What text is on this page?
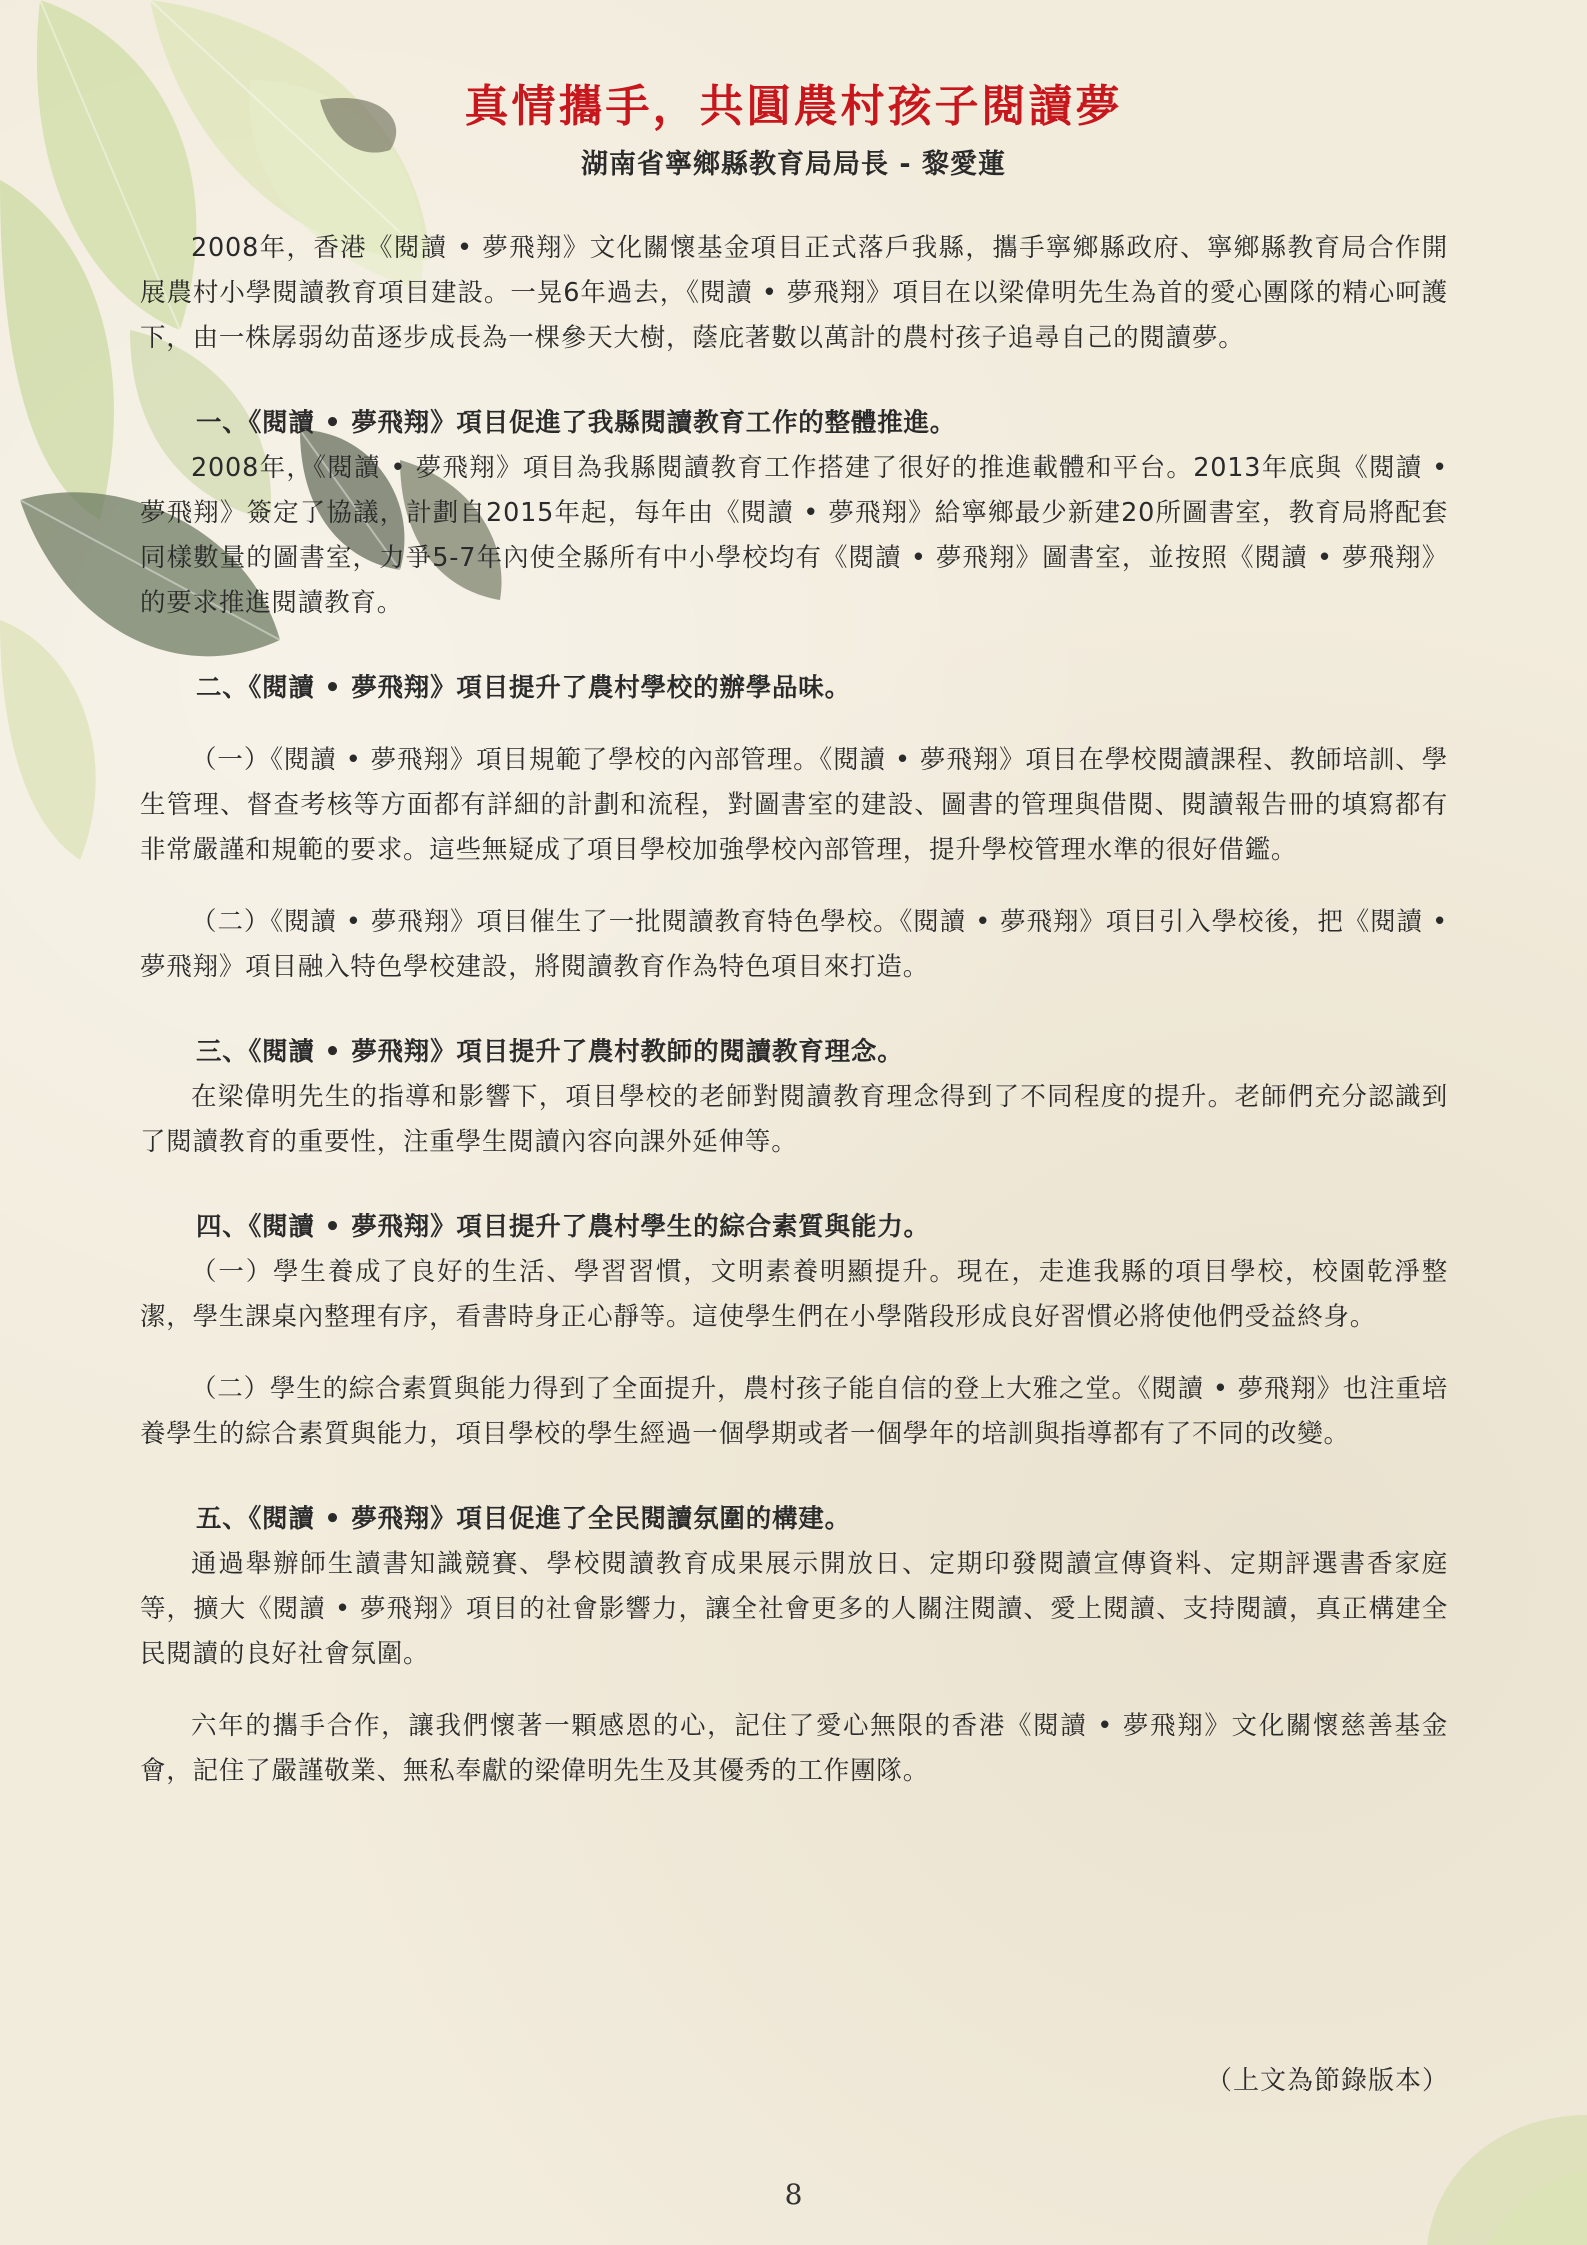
真情攜手，共圓農村孩子閱讀夢
湖南省寧鄉縣教育局局長 - 黎愛蓮

2008年，香港《閱讀 • 夢飛翔》文化關懷基金項目正式落戶我縣，攜手寧鄉縣政府、寧鄉縣教育局合作開展農村小學閱讀教育項目建設。一晃6年過去，《閱讀 • 夢飛翔》項目在以梁偉明先生為首的愛心團隊的精心呵護下，由一株孱弱幼苗逐步成長為一棵參天大樹，蔭庇著數以萬計的農村孩子追尋自己的閱讀夢。

一、《閱讀 • 夢飛翔》項目促進了我縣閱讀教育工作的整體推進。

2008年，《閱讀 • 夢飛翔》項目為我縣閱讀教育工作搭建了很好的推進載體和平台。2013年底與《閱讀 • 夢飛翔》簽定了協議，計劃自2015年起，每年由《閱讀 • 夢飛翔》給寧鄉最少新建20所圖書室，教育局將配套同樣數量的圖書室，力爭5-7年內使全縣所有中小學校均有《閱讀 • 夢飛翔》圖書室，並按照《閱讀 • 夢飛翔》的要求推進閱讀教育。

二、《閱讀 • 夢飛翔》項目提升了農村學校的辦學品味。

（一）《閱讀 • 夢飛翔》項目規範了學校的內部管理。《閱讀 • 夢飛翔》項目在學校閱讀課程、教師培訓、學生管理、督查考核等方面都有詳細的計劃和流程，對圖書室的建設、圖書的管理與借閱、閱讀報告冊的填寫都有非常嚴謹和規範的要求。這些無疑成了項目學校加強學校內部管理，提升學校管理水準的很好借鑑。

（二）《閱讀 • 夢飛翔》項目催生了一批閱讀教育特色學校。《閱讀 • 夢飛翔》項目引入學校後，把《閱讀 • 夢飛翔》項目融入特色學校建設，將閱讀教育作為特色項目來打造。

三、《閱讀 • 夢飛翔》項目提升了農村教師的閱讀教育理念。

在梁偉明先生的指導和影響下，項目學校的老師對閱讀教育理念得到了不同程度的提升。老師們充分認識到了閱讀教育的重要性，注重學生閱讀內容向課外延伸等。

四、《閱讀 • 夢飛翔》項目提升了農村學生的綜合素質與能力。

（一）學生養成了良好的生活、學習習慣，文明素養明顯提升。現在，走進我縣的項目學校，校園乾淨整潔，學生課桌內整理有序，看書時身正心靜等。這使學生們在小學階段形成良好習慣必將使他們受益終身。

（二）學生的綜合素質與能力得到了全面提升，農村孩子能自信的登上大雅之堂。《閱讀 • 夢飛翔》也注重培養學生的綜合素質與能力，項目學校的學生經過一個學期或者一個學年的培訓與指導都有了不同的改變。

五、《閱讀 • 夢飛翔》項目促進了全民閱讀氛圍的構建。

通過舉辦師生讀書知識競賽、學校閱讀教育成果展示開放日、定期印發閱讀宣傳資料、定期評選書香家庭等，擴大《閱讀 • 夢飛翔》項目的社會影響力，讓全社會更多的人關注閱讀、愛上閱讀、支持閱讀，真正構建全民閱讀的良好社會氛圍。

六年的攜手合作，讓我們懷著一顆感恩的心，記住了愛心無限的香港《閱讀 • 夢飛翔》文化關懷慈善基金會，記住了嚴謹敬業、無私奉獻的梁偉明先生及其優秀的工作團隊。

（上文為節錄版本）
8
